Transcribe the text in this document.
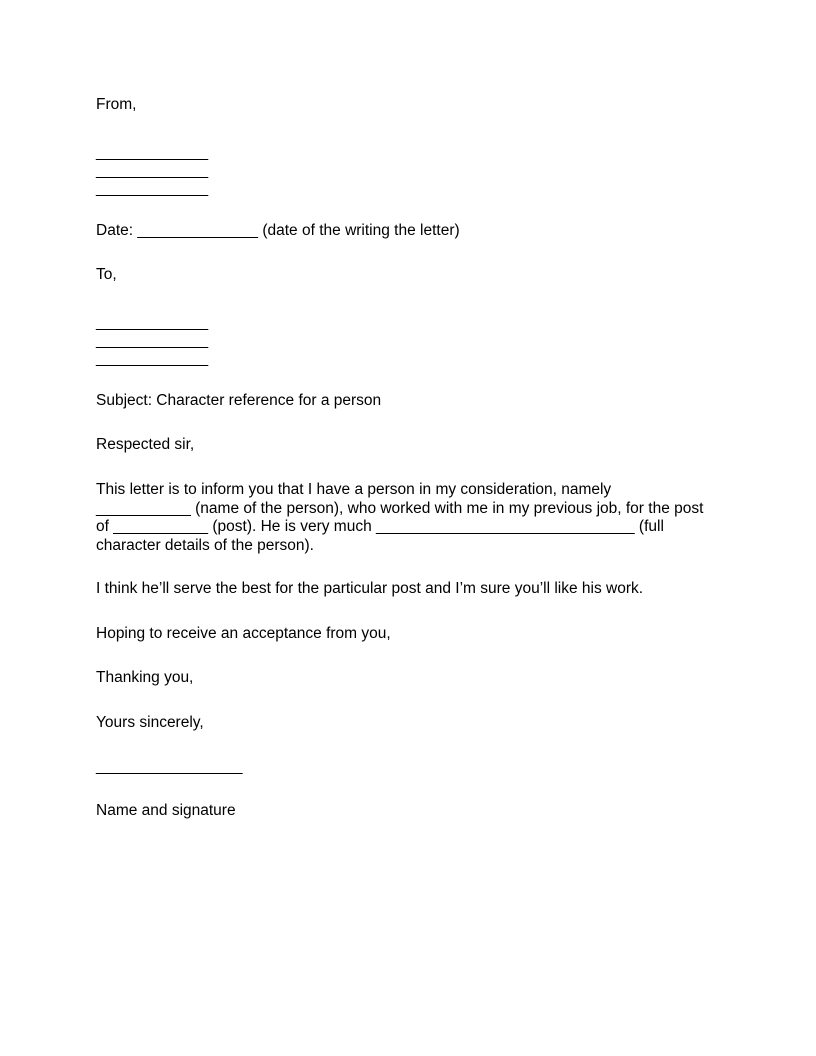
From,

_____________

_____________

_____________

Date: ______________ (date of the writing the letter)

To,

_____________

_____________

_____________

Subject: Character reference for a person

Respected sir,

This letter is to inform you that I have a person in my consideration, namely
___________ (name of the person), who worked with me in my previous job, for the post
of ___________ (post). He is very much ______________________________ (full
character details of the person).

I think he’ll serve the best for the particular post and I’m sure you’ll like his work.

Hoping to receive an acceptance from you,

Thanking you,

Yours sincerely,

_________________

Name and signature
